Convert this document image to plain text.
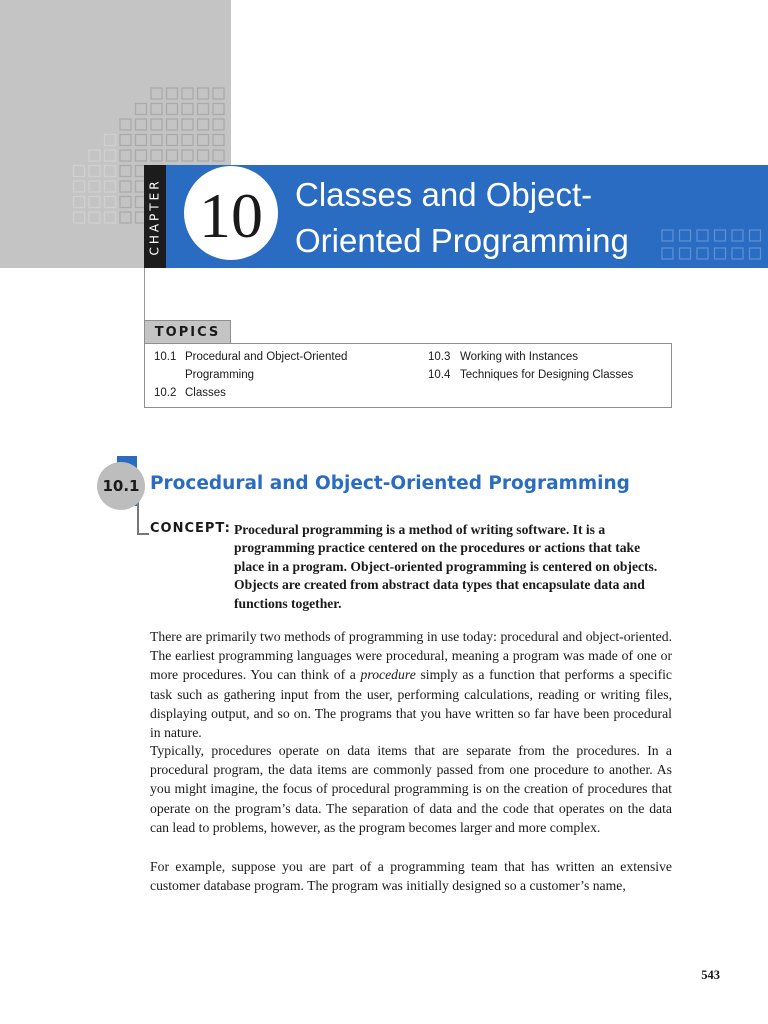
CHAPTER 10 Classes and Object-
Oriented Programming
TOPICS
10.1 Procedural and Object-Oriented
Programming
10.2 Classes
10.3 Working with Instances
10.4 Techniques for Designing Classes
10.1 Procedural and Object-Oriented Programming
CONCEPT: Procedural programming is a method of writing software. It is a programming practice centered on the procedures or actions that take place in a program. Object-oriented programming is centered on objects. Objects are created from abstract data types that encapsulate data and functions together.

There are primarily two methods of programming in use today: procedural and object-oriented. The earliest programming languages were procedural, meaning a program was made of one or more procedures. You can think of a procedure simply as a function that performs a specific task such as gathering input from the user, performing calculations, reading or writing files, displaying output, and so on. The programs that you have written so far have been procedural in nature.

Typically, procedures operate on data items that are separate from the procedures. In a procedural program, the data items are commonly passed from one procedure to another. As you might imagine, the focus of procedural programming is on the creation of procedures that operate on the program’s data. The separation of data and the code that operates on the data can lead to problems, however, as the program becomes larger and more complex.

For example, suppose you are part of a programming team that has written an extensive customer database program. The program was initially designed so a customer’s name,

543
